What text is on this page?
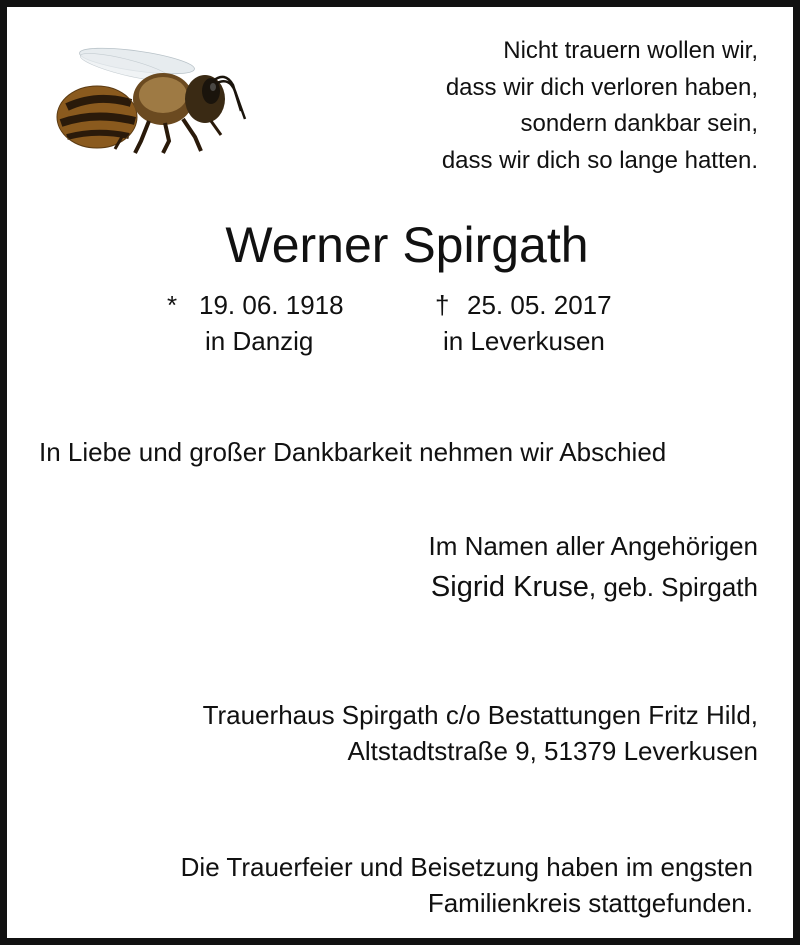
Nicht trauern wollen wir,
dass wir dich verloren haben,
sondern dankbar sein,
dass wir dich so lange hatten.
Werner Spirgath
* 19. 06. 1918
in Danzig
† 25. 05. 2017
in Leverkusen
In Liebe und großer Dankbarkeit nehmen wir Abschied
Im Namen aller Angehörigen
Sigrid Kruse, geb. Spirgath
Trauerhaus Spirgath c/o Bestattungen Fritz Hild,
Altstadtstraße 9, 51379 Leverkusen
Die Trauerfeier und Beisetzung haben im engsten
Familienkreis stattgefunden.
